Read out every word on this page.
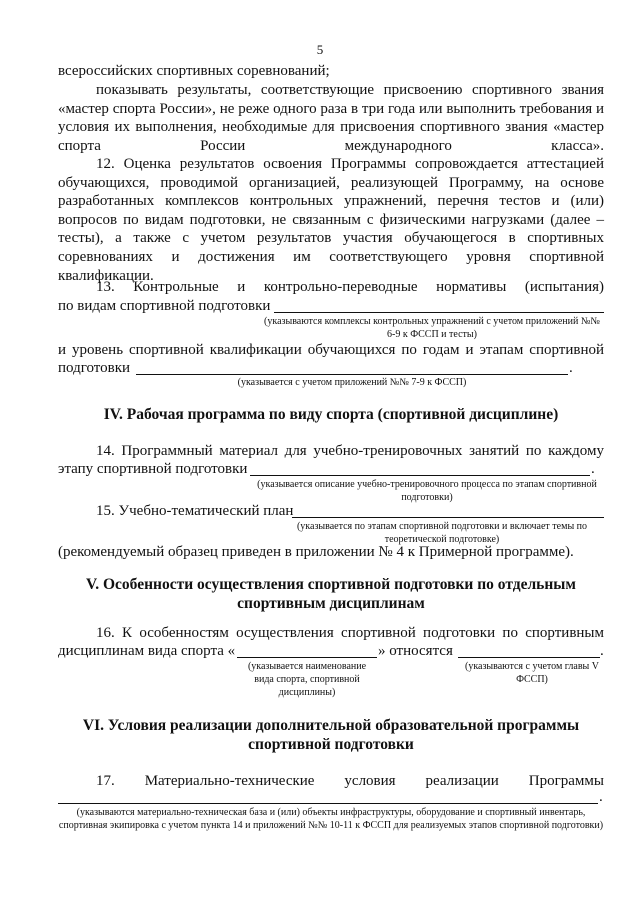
5
всероссийских спортивных соревнований;
показывать результаты, соответствующие присвоению спортивного звания «мастер спорта России», не реже одного раза в три года или выполнить требования и условия их выполнения, необходимые для присвоения спортивного звания «мастер спорта России международного класса».
12. Оценка результатов освоения Программы сопровождается аттестацией обучающихся, проводимой организацией, реализующей Программу, на основе разработанных комплексов контрольных упражнений, перечня тестов и (или) вопросов по видам подготовки, не связанным с физическими нагрузками (далее – тесты), а также с учетом результатов участия обучающегося в спортивных соревнованиях и достижения им соответствующего уровня спортивной квалификации.
13. Контрольные и контрольно-переводные нормативы (испытания)
по видам спортивной подготовки
(указываются комплексы контрольных упражнений с учетом приложений №№ 6-9 к ФССП и тесты)
и уровень спортивной квалификации обучающихся по годам и этапам спортивной
подготовки	.
(указывается с учетом приложений №№ 7-9 к ФССП)
IV. Рабочая программа по виду спорта (спортивной дисциплине)
14. Программный материал для учебно-тренировочных занятий по каждому
этапу спортивной подготовки	.
(указывается описание учебно-тренировочного процесса по этапам спортивной подготовки)
15. Учебно-тематический план
(указывается по этапам спортивной подготовки и включает темы по теоретической подготовке)
(рекомендуемый образец приведен в приложении № 4 к Примерной программе).
V. Особенности осуществления спортивной подготовки по отдельным спортивным дисциплинам
16. К особенностям осуществления спортивной подготовки по спортивным
дисциплинам вида спорта «	» относятся	.
(указывается наименование вида спорта, спортивной дисциплины)
(указываются с учетом главы V ФССП)
VI. Условия реализации дополнительной образовательной программы спортивной подготовки
17. Материально-технические условия реализации Программы
.
(указываются материально-техническая база и (или) объекты инфраструктуры, оборудование и спортивный инвентарь, спортивная экипировка с учетом пункта 14 и приложений №№ 10-11 к ФССП для реализуемых этапов спортивной подготовки)
